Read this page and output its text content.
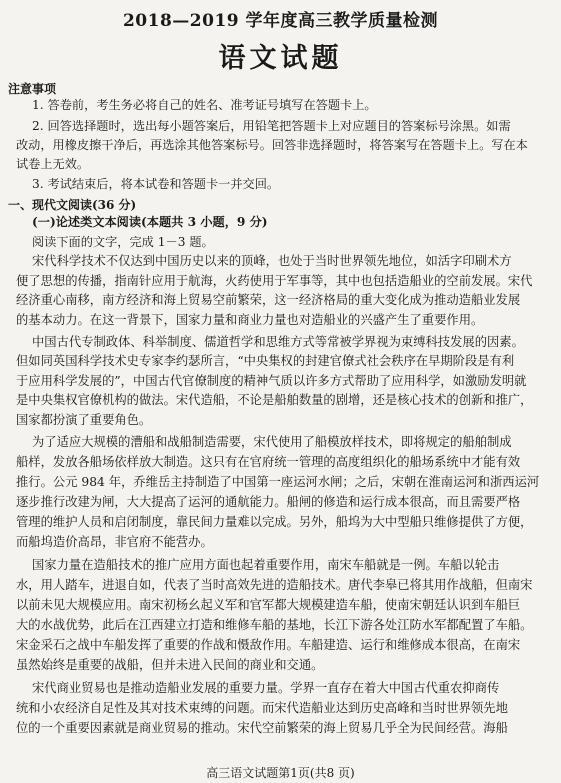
2018—2019 学年度高三教学质量检测
语文试题
注意事项
1. 答卷前，考生务必将自己的姓名、准考证号填写在答题卡上。
2. 回答选择题时，选出每小题答案后，用铅笔把答题卡上对应题目的答案标号涂黑。如需
改动，用橡皮擦干净后，再选涂其他答案标号。回答非选择题时，将答案写在答题卡上。写在本
试卷上无效。
3. 考试结束后，将本试卷和答题卡一并交回。
一、现代文阅读(36 分)
(一)论述类文本阅读(本题共 3 小题，9 分)
阅读下面的文字，完成 1－3 题。
宋代科学技术不仅达到中国历史以来的顶峰，也处于当时世界领先地位，如活字印刷术方
便了思想的传播，指南针应用于航海，火药使用于军事等，其中也包括造船业的空前发展。宋代
经济重心南移，南方经济和海上贸易空前繁荣，这一经济格局的重大变化成为推动造船业发展
的基本动力。在这一背景下，国家力量和商业力量也对造船业的兴盛产生了重要作用。
中国古代专制政体、科举制度、儒道哲学和思维方式等常被学界视为束缚科技发展的因素。
但如同英国科学技术史专家李约瑟所言，“中央集权的封建官僚式社会秩序在早期阶段是有利
于应用科学发展的”，中国古代官僚制度的精神气质以许多方式帮助了应用科学，如激励发明就
是中央集权官僚机构的做法。宋代造船，不论是船舶数量的剧增，还是核心技术的创新和推广，
国家都扮演了重要角色。
为了适应大规模的漕船和战船制造需要，宋代使用了船模放样技术，即将规定的船舶制成
船样，发放各船场依样放大制造。这只有在官府统一管理的高度组织化的船场系统中才能有效
推行。公元 984 年，乔维岳主持制造了中国第一座运河水闸；之后，宋朝在淮南运河和浙西运河
逐步推行改建为闸，大大提高了运河的通航能力。船闸的修造和运行成本很高，而且需要严格
管理的维护人员和启闭制度，靠民间力量难以完成。另外，船坞为大中型船只维修提供了方便，
而船坞造价高昂，非官府不能营办。
国家力量在造船技术的推广应用方面也起着重要作用，南宋车船就是一例。车船以轮击
水，用人踏车，进退自如，代表了当时高效先进的造船技术。唐代李皋已将其用作战船，但南宋
以前未见大规模应用。南宋初杨幺起义军和官军都大规模建造车船，使南宋朝廷认识到车船巨
大的水战优势，此后在江西建立打造和维修车船的基地，长江下游各处江防水军都配置了车船。
宋金采石之战中车船发挥了重要的作战和慑敌作用。车船建造、运行和维修成本很高，在南宋
虽然始终是重要的战船，但并未进入民间的商业和交通。
宋代商业贸易也是推动造船业发展的重要力量。学界一直存在着大中国古代重农抑商传
统和小农经济自足性及其对技术束缚的问题。而宋代造船业达到历史高峰和当时世界领先地
位的一个重要因素就是商业贸易的推动。宋代空前繁荣的海上贸易几乎全为民间经营。海船
高三语文试题第1页(共8 页)
